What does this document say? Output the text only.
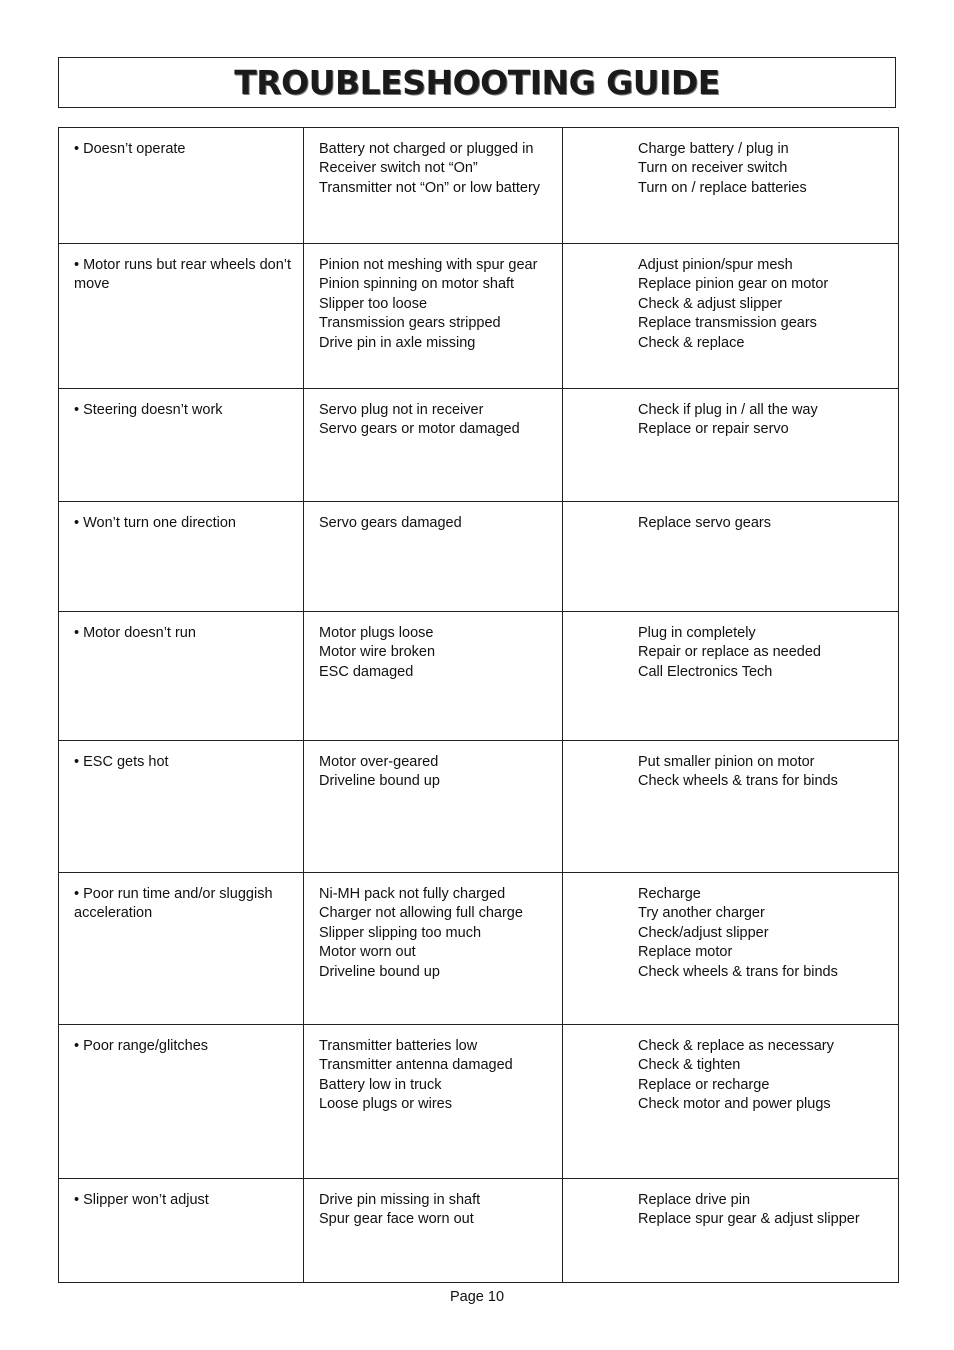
TROUBLESHOOTING GUIDE
• Doesn’t operate	Battery not charged or plugged in
Receiver switch not “On”
Transmitter not “On” or low battery	Charge battery / plug in
Turn on receiver switch
Turn on / replace batteries

• Motor runs but rear wheels don’t move	Pinion not meshing with spur gear
Pinion spinning on motor shaft
Slipper too loose
Transmission gears stripped
Drive pin in axle missing	Adjust pinion/spur mesh
Replace pinion gear on motor
Check & adjust slipper
Replace transmission gears
Check & replace

• Steering doesn’t work	Servo plug not in receiver
Servo gears or motor damaged	Check if plug in / all the way
Replace or repair servo

• Won’t turn one direction	Servo gears damaged	Replace servo gears

• Motor doesn’t run	Motor plugs loose
Motor wire broken
ESC damaged	Plug in completely
Repair or replace as needed
Call Electronics Tech

• ESC gets hot	Motor over-geared
Driveline bound up	Put smaller pinion on motor
Check wheels & trans for binds

• Poor run time and/or sluggish acceleration	Ni-MH pack not fully charged
Charger not allowing full charge
Slipper slipping too much
Motor worn out
Driveline bound up	Recharge
Try another charger
Check/adjust slipper
Replace motor
Check wheels & trans for binds

• Poor range/glitches	Transmitter batteries low
Transmitter antenna damaged
Battery low in truck
Loose plugs or wires	Check & replace as necessary
Check & tighten
Replace or recharge
Check motor and power plugs

• Slipper won’t adjust	Drive pin missing in shaft
Spur gear face worn out	Replace drive pin
Replace spur gear & adjust slipper
Page 10
